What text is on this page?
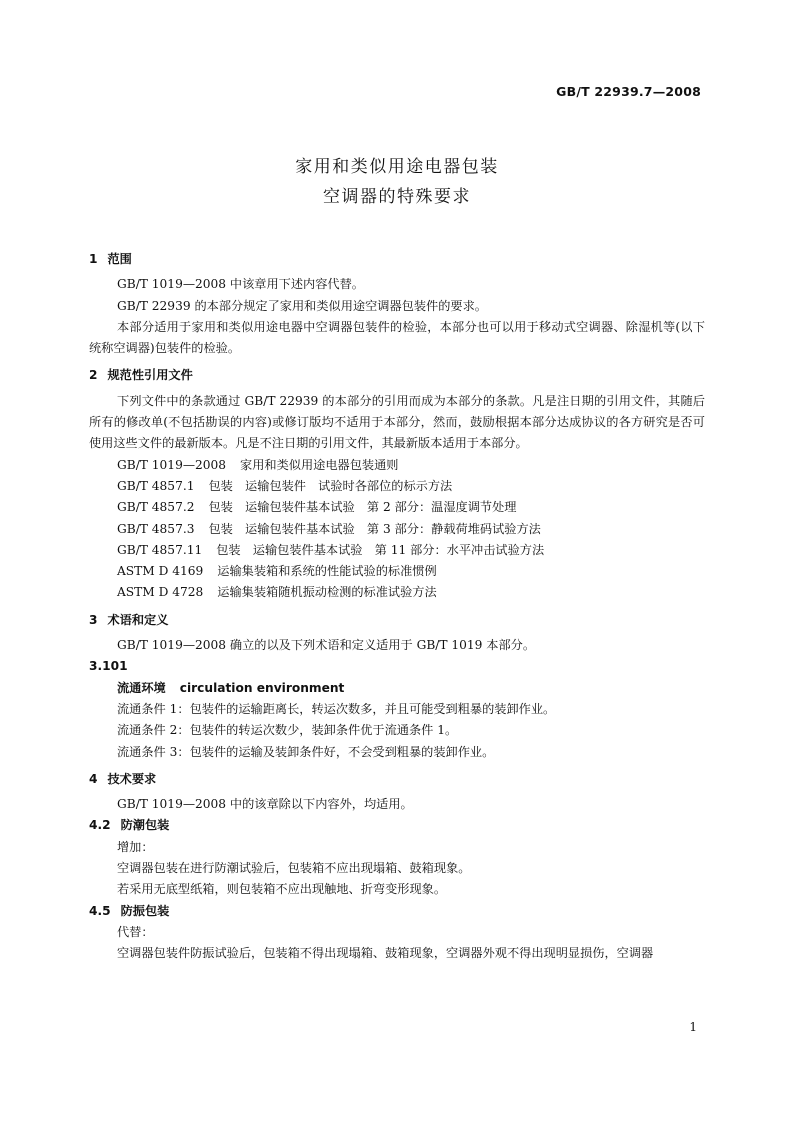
GB/T 22939.7—2008
家用和类似用途电器包装
空调器的特殊要求
1 范围
GB/T 1019—2008 中该章用下述内容代替。
GB/T 22939 的本部分规定了家用和类似用途空调器包装件的要求。
本部分适用于家用和类似用途电器中空调器包装件的检验，本部分也可以用于移动式空调器、除湿机等(以下统称空调器)包装件的检验。
2 规范性引用文件
下列文件中的条款通过 GB/T 22939 的本部分的引用而成为本部分的条款。凡是注日期的引用文件，其随后所有的修改单(不包括勘误的内容)或修订版均不适用于本部分，然而，鼓励根据本部分达成协议的各方研究是否可使用这些文件的最新版本。凡是不注日期的引用文件，其最新版本适用于本部分。
GB/T 1019—2008 家用和类似用途电器包装通则
GB/T 4857.1 包装　运输包装件　试验时各部位的标示方法
GB/T 4857.2 包装　运输包装件基本试验　第 2 部分：温湿度调节处理
GB/T 4857.3 包装　运输包装件基本试验　第 3 部分：静载荷堆码试验方法
GB/T 4857.11 包装　运输包装件基本试验　第 11 部分：水平冲击试验方法
ASTM D 4169 运输集装箱和系统的性能试验的标准惯例
ASTM D 4728 运输集装箱随机振动检测的标准试验方法
3 术语和定义
GB/T 1019—2008 确立的以及下列术语和定义适用于 GB/T 1019 本部分。
3.101
流通环境 circulation environment
流通条件 1：包装件的运输距离长，转运次数多，并且可能受到粗暴的装卸作业。
流通条件 2：包装件的转运次数少，装卸条件优于流通条件 1。
流通条件 3：包装件的运输及装卸条件好，不会受到粗暴的装卸作业。
4 技术要求
GB/T 1019—2008 中的该章除以下内容外，均适用。
4.2 防潮包装
增加：
空调器包装在进行防潮试验后，包装箱不应出现塌箱、鼓箱现象。
若采用无底型纸箱，则包装箱不应出现触地、折弯变形现象。
4.5 防振包装
代替：
空调器包装件防振试验后，包装箱不得出现塌箱、鼓箱现象，空调器外观不得出现明显损伤，空调器
1
